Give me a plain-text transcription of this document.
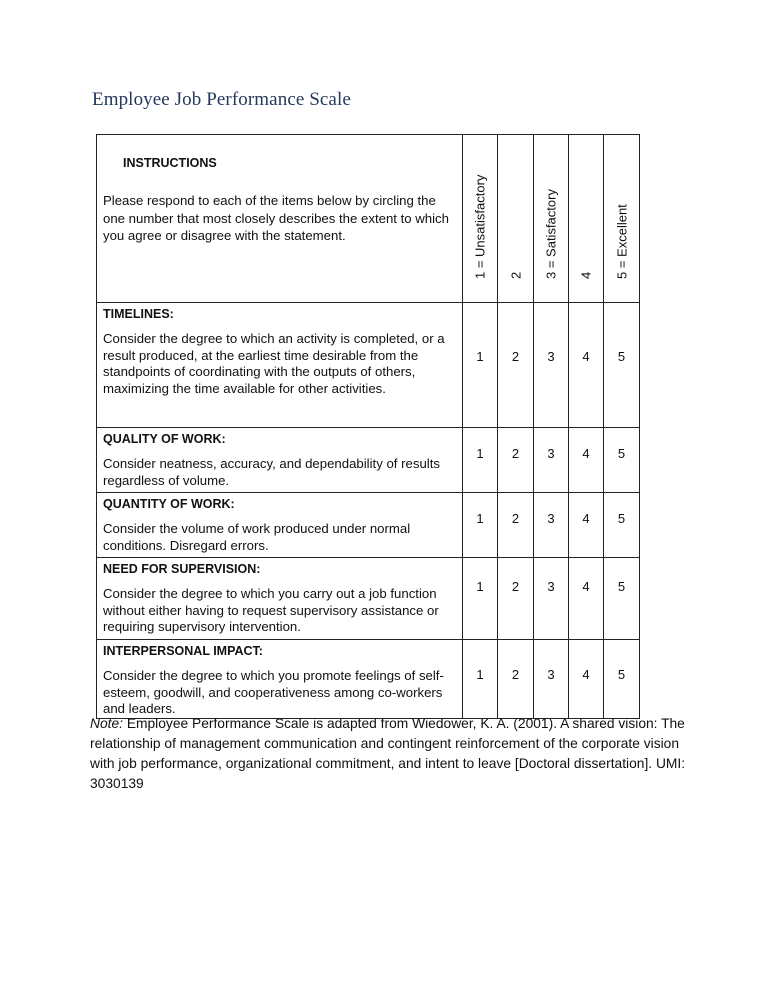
Employee Job Performance Scale
INSTRUCTIONS

Please respond to each of the items below by circling the one number that most closely describes the extent to which you agree or disagree with the statement.	1 = Unsatisfactory	2	3 = Satisfactory	4	5 = Excellent

TIMELINES:
Consider the degree to which an activity is completed, or a result produced, at the earliest time desirable from the standpoints of coordinating with the outputs of others, maximizing the time available for other activities.	1	2	3	4	5

QUALITY OF WORK:
Consider neatness, accuracy, and dependability of results regardless of volume.	1	2	3	4	5

QUANTITY OF WORK:
Consider the volume of work produced under normal conditions. Disregard errors.	1	2	3	4	5

NEED FOR SUPERVISION:
Consider the degree to which you carry out a job function without either having to request supervisory assistance or requiring supervisory intervention.	1	2	3	4	5

INTERPERSONAL IMPACT:
Consider the degree to which you promote feelings of self-esteem, goodwill, and cooperativeness among co-workers and leaders.	1	2	3	4	5
Note: Employee Performance Scale is adapted from Wiedower, K. A. (2001). A shared vision: The relationship of management communication and contingent reinforcement of the corporate vision with job performance, organizational commitment, and intent to leave [Doctoral dissertation]. UMI: 3030139
